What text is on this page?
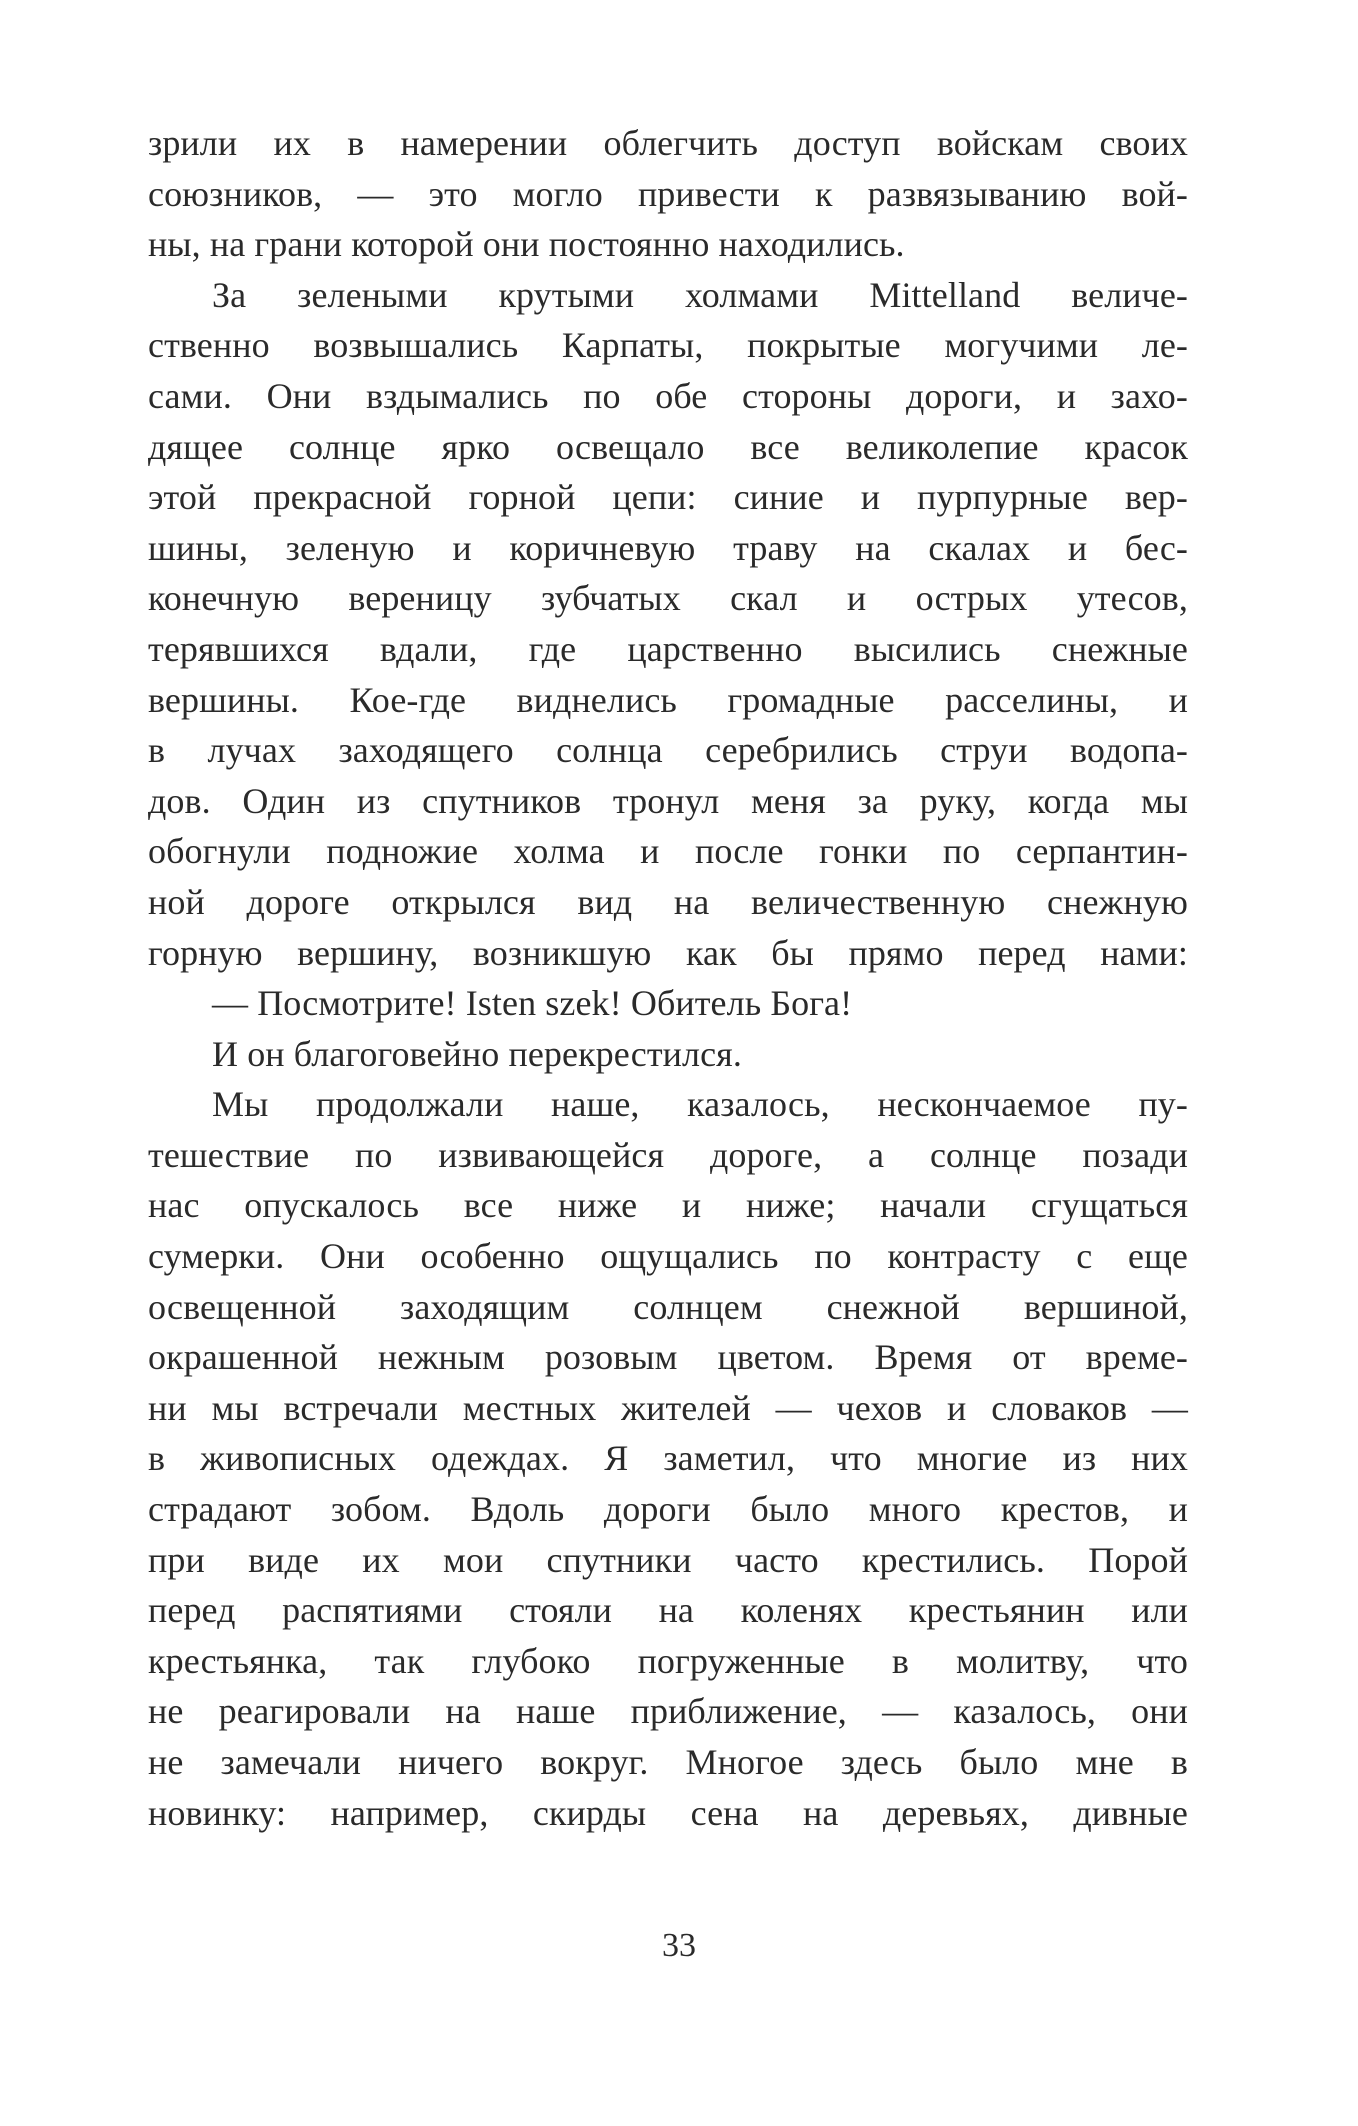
зрили их в намерении облегчить доступ войскам своих
союзников, — это могло привести к развязыванию вой-
ны, на грани которой они постоянно находились.
За зелеными крутыми холмами Mittelland величе-
ственно возвышались Карпаты, покрытые могучими ле-
сами. Они вздымались по обе стороны дороги, и захо-
дящее солнце ярко освещало все великолепие красок
этой прекрасной горной цепи: синие и пурпурные вер-
шины, зеленую и коричневую траву на скалах и бес-
конечную вереницу зубчатых скал и острых утесов,
терявшихся вдали, где царственно высились снежные
вершины. Кое-где виднелись громадные расселины, и
в лучах заходящего солнца серебрились струи водопа-
дов. Один из спутников тронул меня за руку, когда мы
обогнули подножие холма и после гонки по серпантин-
ной дороге открылся вид на величественную снежную
горную вершину, возникшую как бы прямо перед нами:
— Посмотрите! Isten szek! Обитель Бога!
И он благоговейно перекрестился.
Мы продолжали наше, казалось, нескончаемое пу-
тешествие по извивающейся дороге, а солнце позади
нас опускалось все ниже и ниже; начали сгущаться
сумерки. Они особенно ощущались по контрасту с еще
освещенной заходящим солнцем снежной вершиной,
окрашенной нежным розовым цветом. Время от време-
ни мы встречали местных жителей — чехов и словаков —
в живописных одеждах. Я заметил, что многие из них
страдают зобом. Вдоль дороги было много крестов, и
при виде их мои спутники часто крестились. Порой
перед распятиями стояли на коленях крестьянин или
крестьянка, так глубоко погруженные в молитву, что
не реагировали на наше приближение, — казалось, они
не замечали ничего вокруг. Многое здесь было мне в
новинку: например, скирды сена на деревьях, дивные
33
